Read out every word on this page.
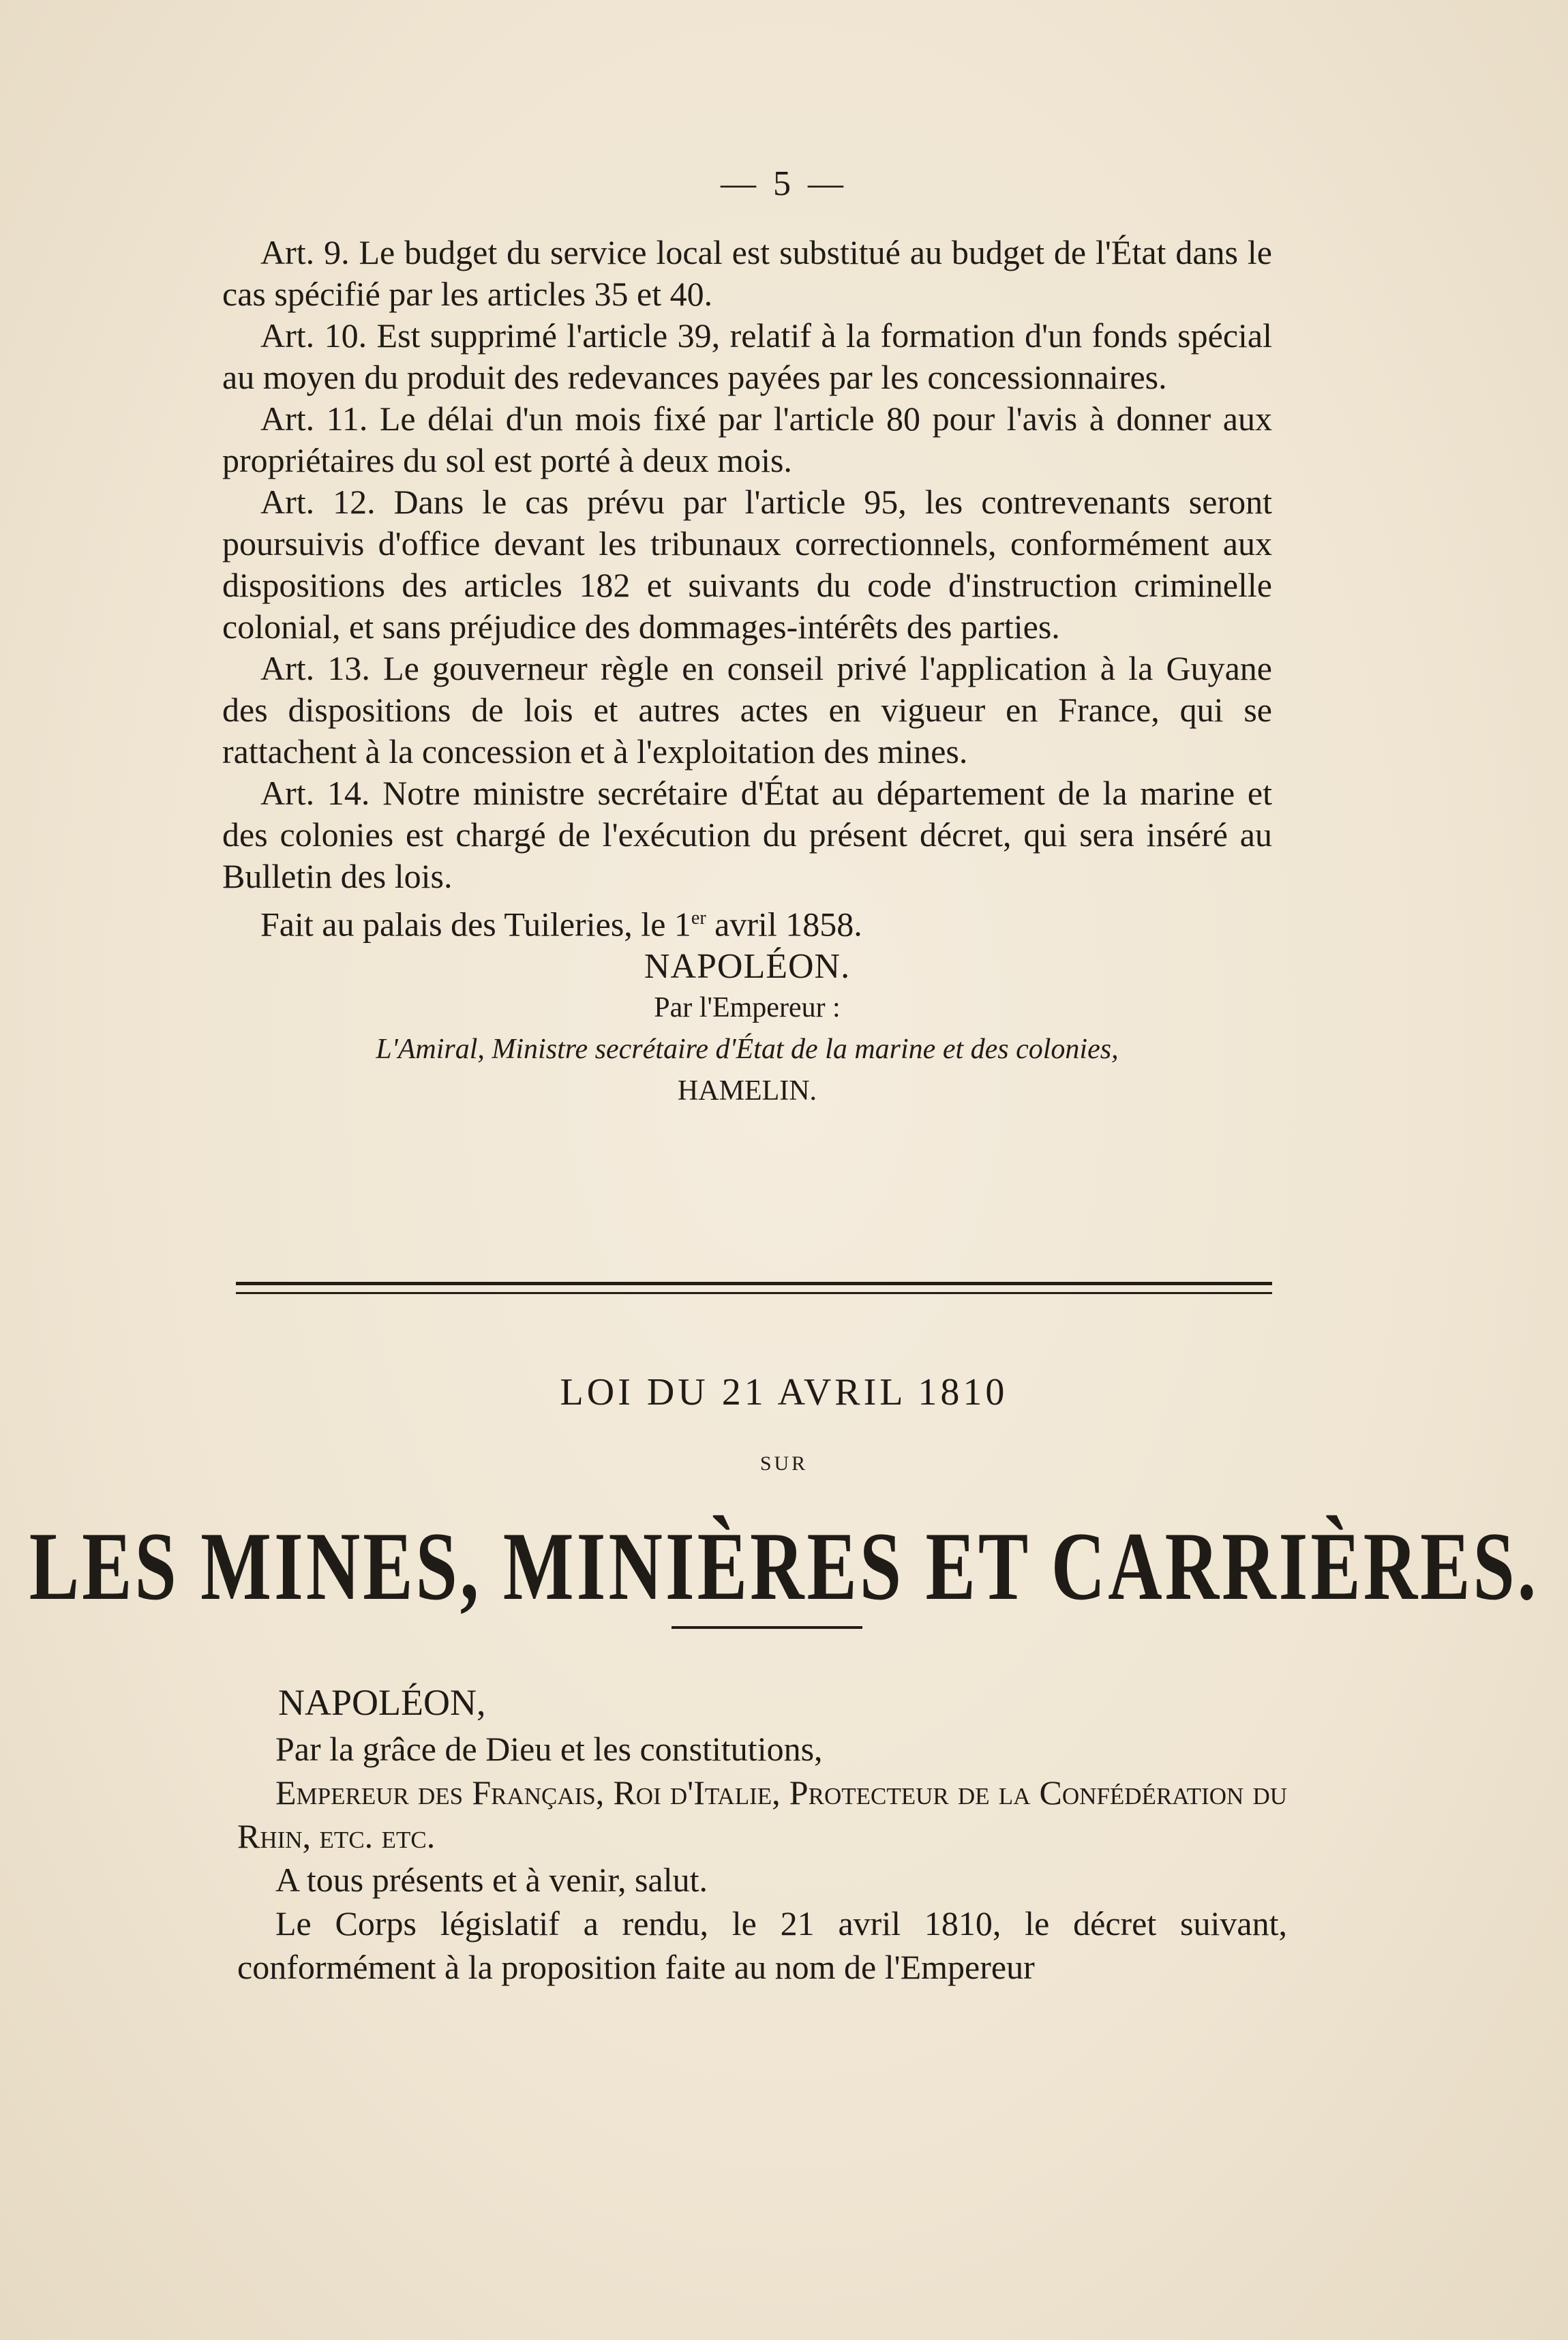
— 5 —

Art. 9. Le budget du service local est substitué au budget de l'État dans le cas spécifié par les articles 35 et 40.

Art. 10. Est supprimé l'article 39, relatif à la formation d'un fonds spécial au moyen du produit des redevances payées par les concessionnaires.

Art. 11. Le délai d'un mois fixé par l'article 80 pour l'avis à donner aux propriétaires du sol est porté à deux mois.

Art. 12. Dans le cas prévu par l'article 95, les contrevenants seront poursuivis d'office devant les tribunaux correctionnels, conformément aux dispositions des articles 182 et suivants du code d'instruction criminelle colonial, et sans préjudice des dommages-intérêts des parties.

Art. 13. Le gouverneur règle en conseil privé l'application à la Guyane des dispositions de lois et autres actes en vigueur en France, qui se rattachent à la concession et à l'exploitation des mines.

Art. 14. Notre ministre secrétaire d'État au département de la marine et des colonies est chargé de l'exécution du présent décret, qui sera inséré au Bulletin des lois.

Fait au palais des Tuileries, le 1er avril 1858.

NAPOLÉON.

Par l'Empereur :

L'Amiral, Ministre secrétaire d'État de la marine et des colonies,

HAMELIN.

LOI DU 21 AVRIL 1810
SUR
LES MINES, MINIÈRES ET CARRIÈRES.

NAPOLÉON,

Par la grâce de Dieu et les constitutions,

Empereur des Français, Roi d'Italie, Protecteur de la Confédération du Rhin, etc. etc.

A tous présents et à venir, salut.

Le Corps législatif a rendu, le 21 avril 1810, le décret suivant, conformément à la proposition faite au nom de l'Empereur
